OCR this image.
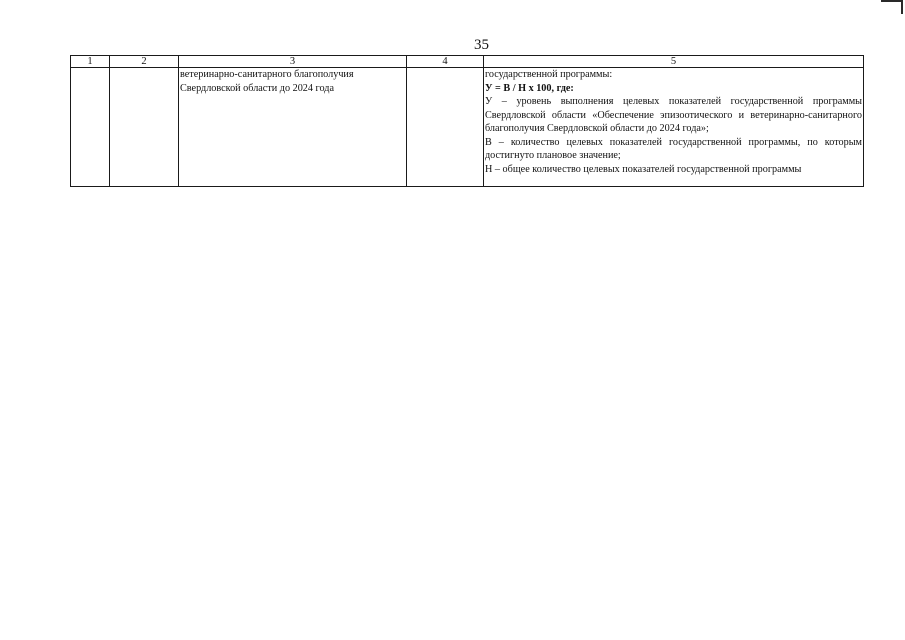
35
1	2	3	4	5
		ветеринарно-санитарного благополучия Свердловской области до 2024 года		государственной программы:
У = В / Н х 100, где:
У – уровень выполнения целевых показателей государственной программы Свердловской области «Обеспечение эпизоотического и ветеринарно-санитарного благополучия Свердловской области до 2024 года»;
В – количество целевых показателей государственной программы, по которым достигнуто плановое значение;
Н – общее количество целевых показателей государственной программы
